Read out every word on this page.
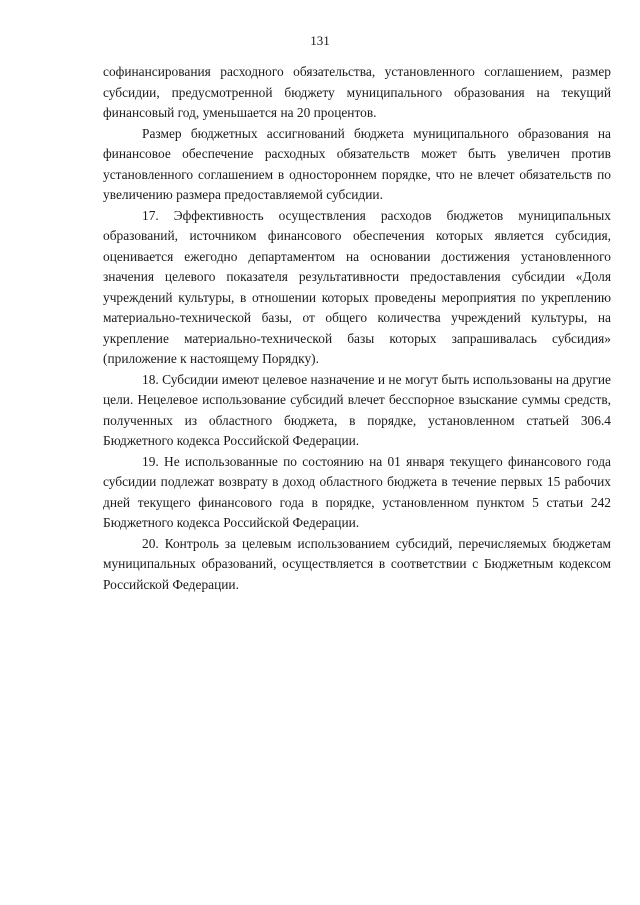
131

софинансирования расходного обязательства, установленного соглашением, размер субсидии, предусмотренной бюджету муниципального образования на текущий финансовый год, уменьшается на 20 процентов.

Размер бюджетных ассигнований бюджета муниципального образования на финансовое обеспечение расходных обязательств может быть увеличен против установленного соглашением в одностороннем порядке, что не влечет обязательств по увеличению размера предоставляемой субсидии.

17. Эффективность осуществления расходов бюджетов муниципальных образований, источником финансового обеспечения которых является субсидия, оценивается ежегодно департаментом на основании достижения установленного значения целевого показателя результативности предоставления субсидии «Доля учреждений культуры, в отношении которых проведены мероприятия по укреплению материально-технической базы, от общего количества учреждений культуры, на укрепление материально-технической базы которых запрашивалась субсидия» (приложение к настоящему Порядку).

18. Субсидии имеют целевое назначение и не могут быть использованы на другие цели. Нецелевое использование субсидий влечет бесспорное взыскание суммы средств, полученных из областного бюджета, в порядке, установленном статьей 306.4 Бюджетного кодекса Российской Федерации.

19. Не использованные по состоянию на 01 января текущего финансового года субсидии подлежат возврату в доход областного бюджета в течение первых 15 рабочих дней текущего финансового года в порядке, установленном пунктом 5 статьи 242 Бюджетного кодекса Российской Федерации.

20. Контроль за целевым использованием субсидий, перечисляемых бюджетам муниципальных образований, осуществляется в соответствии с Бюджетным кодексом Российской Федерации.
